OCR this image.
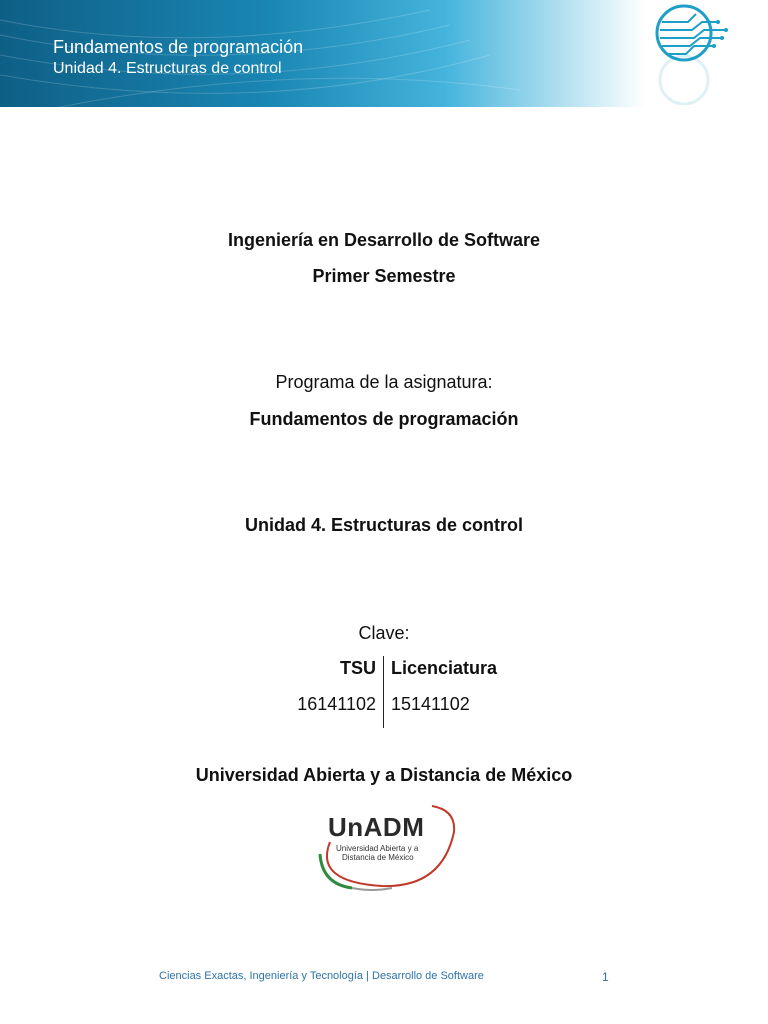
Fundamentos de programación
Unidad 4. Estructuras de control
Ingeniería en Desarrollo de Software
Primer Semestre
Programa de la asignatura:
Fundamentos de programación
Unidad 4. Estructuras de control
Clave:
TSU Licenciatura
16141102 15141102
Universidad Abierta y a Distancia de México
UnADM
Universidad Abierta y a
Distancia de México
Ciencias Exactas, Ingeniería y Tecnología | Desarrollo de Software	1
